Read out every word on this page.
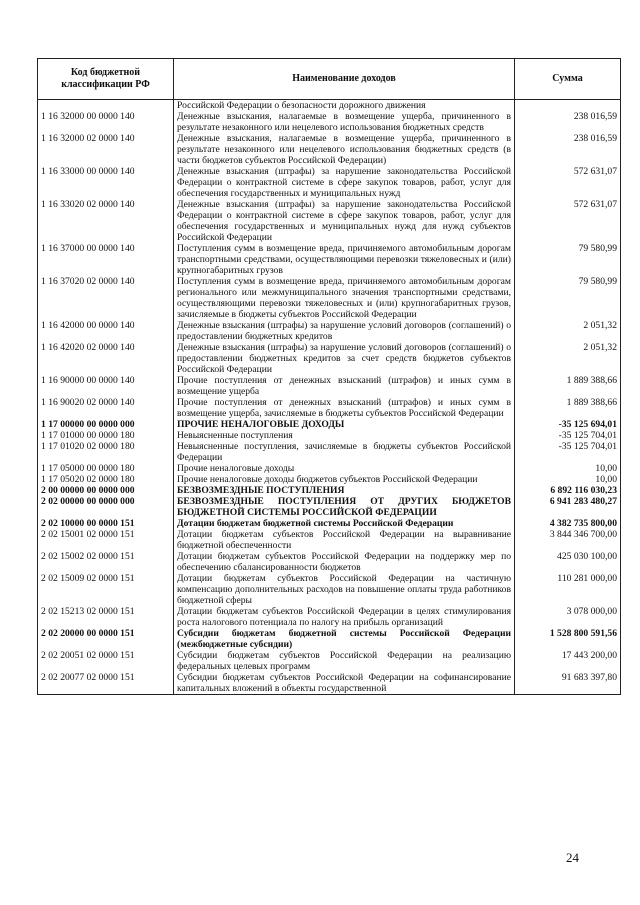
Код бюджетной классификации РФ	Наименование доходов	Сумма
	Российской Федерации о безопасности дорожного движения	
1 16 32000 00 0000 140	Денежные взыскания, налагаемые в возмещение ущерба, причиненного в результате незаконного или нецелевого использования бюджетных средств	238 016,59
1 16 32000 02 0000 140	Денежные взыскания, налагаемые в возмещение ущерба, причиненного в результате незаконного или нецелевого использования бюджетных средств (в части бюджетов субъектов Российской Федерации)	238 016,59
1 16 33000 00 0000 140	Денежные взыскания (штрафы) за нарушение законодательства Российской Федерации о контрактной системе в сфере закупок товаров, работ, услуг для обеспечения государственных и муниципальных нужд	572 631,07
1 16 33020 02 0000 140	Денежные взыскания (штрафы) за нарушение законодательства Российской Федерации о контрактной системе в сфере закупок товаров, работ, услуг для обеспечения государственных и муниципальных нужд для нужд субъектов Российской Федерации	572 631,07
1 16 37000 00 0000 140	Поступления сумм в возмещение вреда, причиняемого автомобильным дорогам транспортными средствами, осуществляющими перевозки тяжеловесных и (или) крупногабаритных грузов	79 580,99
1 16 37020 02 0000 140	Поступления сумм в возмещение вреда, причиняемого автомобильным дорогам регионального или межмуниципального значения транспортными средствами, осуществляющими перевозки тяжеловесных и (или) крупногабаритных грузов, зачисляемые в бюджеты субъектов Российской Федерации	79 580,99
1 16 42000 00 0000 140	Денежные взыскания (штрафы) за нарушение условий договоров (соглашений) о предоставлении бюджетных кредитов	2 051,32
1 16 42020 02 0000 140	Денежные взыскания (штрафы) за нарушение условий договоров (соглашений) о предоставлении бюджетных кредитов за счет средств бюджетов субъектов Российской Федерации	2 051,32
1 16 90000 00 0000 140	Прочие поступления от денежных взысканий (штрафов) и иных сумм в возмещение ущерба	1 889 388,66
1 16 90020 02 0000 140	Прочие поступления от денежных взысканий (штрафов) и иных сумм в возмещение ущерба, зачисляемые в бюджеты субъектов Российской Федерации	1 889 388,66
1 17 00000 00 0000 000	ПРОЧИЕ НЕНАЛОГОВЫЕ ДОХОДЫ	-35 125 694,01
1 17 01000 00 0000 180	Невыясненные поступления	-35 125 704,01
1 17 01020 02 0000 180	Невыясненные поступления, зачисляемые в бюджеты субъектов Российской Федерации	-35 125 704,01
1 17 05000 00 0000 180	Прочие неналоговые доходы	10,00
1 17 05020 02 0000 180	Прочие неналоговые доходы бюджетов субъектов Российской Федерации	10,00
2 00 00000 00 0000 000	БЕЗВОЗМЕЗДНЫЕ ПОСТУПЛЕНИЯ	6 892 116 030,23
2 02 00000 00 0000 000	БЕЗВОЗМЕЗДНЫЕ ПОСТУПЛЕНИЯ ОТ ДРУГИХ БЮДЖЕТОВ БЮДЖЕТНОЙ СИСТЕМЫ РОССИЙСКОЙ ФЕДЕРАЦИИ	6 941 283 480,27
2 02 10000 00 0000 151	Дотации бюджетам бюджетной системы Российской Федерации	4 382 735 800,00
2 02 15001 02 0000 151	Дотации бюджетам субъектов Российской Федерации на выравнивание бюджетной обеспеченности	3 844 346 700,00
2 02 15002 02 0000 151	Дотации бюджетам субъектов Российской Федерации на поддержку мер по обеспечению сбалансированности бюджетов	425 030 100,00
2 02 15009 02 0000 151	Дотации бюджетам субъектов Российской Федерации на частичную компенсацию дополнительных расходов на повышение оплаты труда работников бюджетной сферы	110 281 000,00
2 02 15213 02 0000 151	Дотации бюджетам субъектов Российской Федерации в целях стимулирования роста налогового потенциала по налогу на прибыль организаций	3 078 000,00
2 02 20000 00 0000 151	Субсидии бюджетам бюджетной системы Российской Федерации (межбюджетные субсидии)	1 528 800 591,56
2 02 20051 02 0000 151	Субсидии бюджетам субъектов Российской Федерации на реализацию федеральных целевых программ	17 443 200,00
2 02 20077 02 0000 151	Субсидии бюджетам субъектов Российской Федерации на софинансирование капитальных вложений в объекты государственной	91 683 397,80
24
